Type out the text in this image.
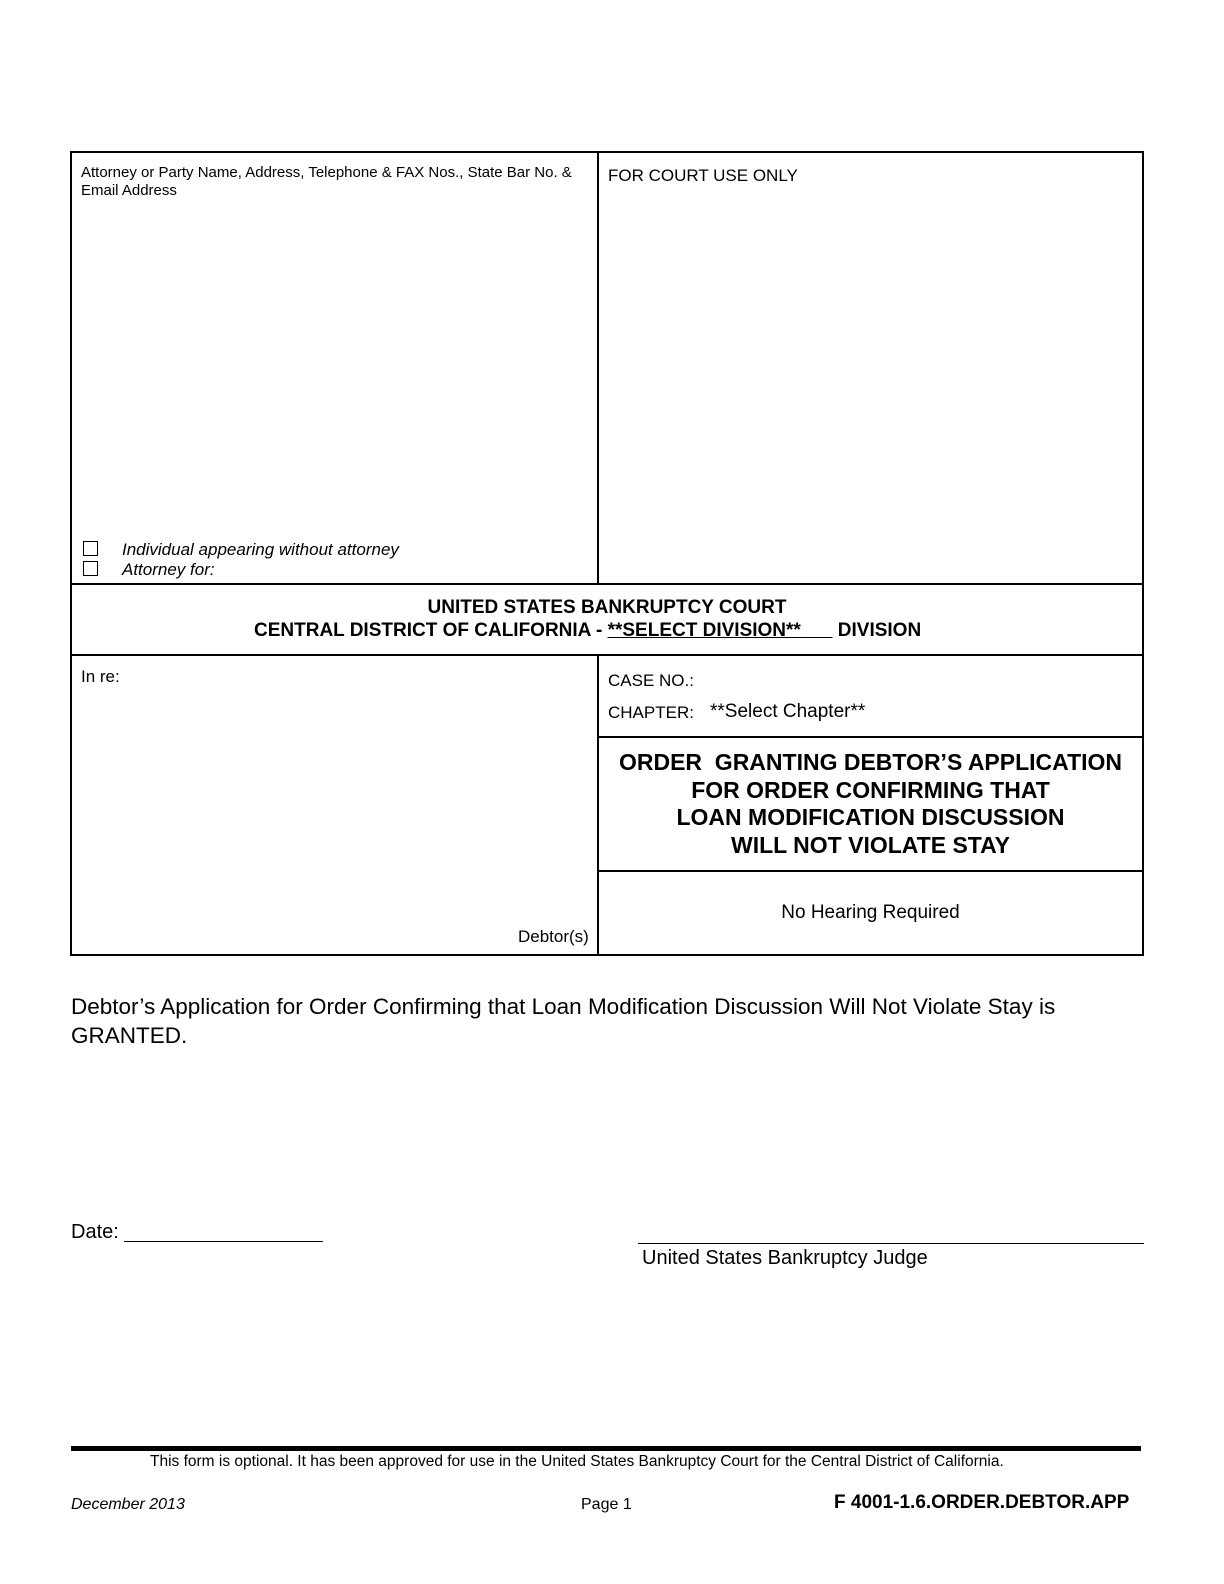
Attorney or Party Name, Address, Telephone & FAX Nos., State Bar No. & Email Address
FOR COURT USE ONLY
Individual appearing without attorney
Attorney for:
UNITED STATES BANKRUPTCY COURT
CENTRAL DISTRICT OF CALIFORNIA - **SELECT DIVISION** DIVISION
In re:
Debtor(s)
CASE NO.:
CHAPTER: **Select Chapter**
ORDER  GRANTING DEBTOR’S APPLICATION
FOR ORDER CONFIRMING THAT
LOAN MODIFICATION DISCUSSION
WILL NOT VIOLATE STAY
No Hearing Required
Debtor’s Application for Order Confirming that Loan Modification Discussion Will Not Violate Stay is
GRANTED.
Date:
United States Bankruptcy Judge
This form is optional. It has been approved for use in the United States Bankruptcy Court for the Central District of California.
December 2013	Page 1	F 4001-1.6.ORDER.DEBTOR.APP
